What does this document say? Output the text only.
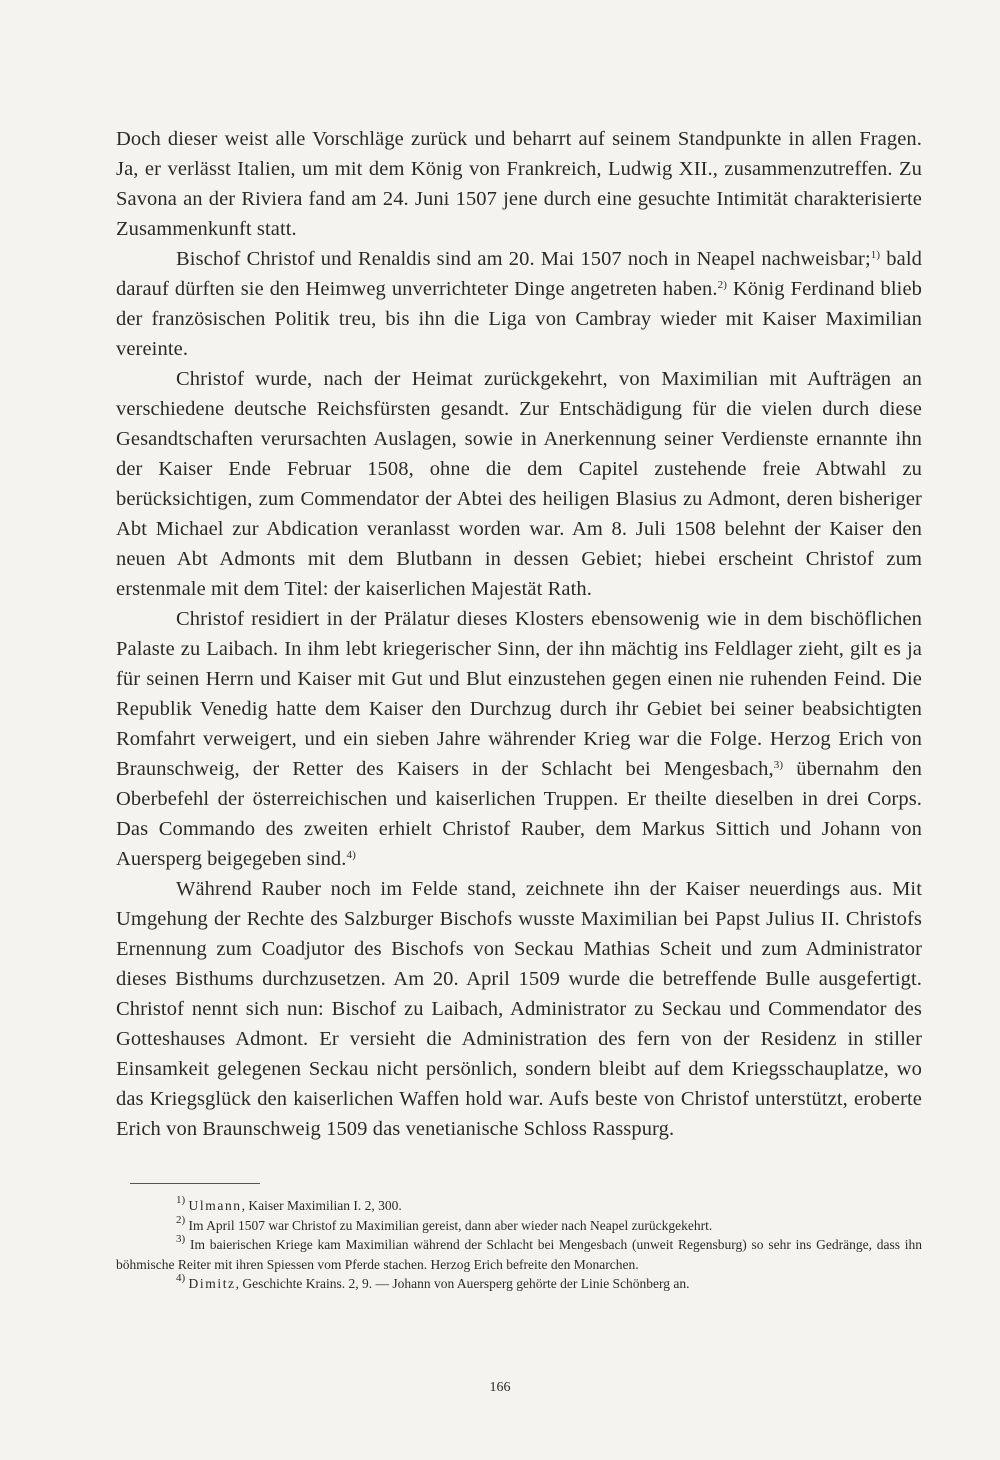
Doch dieser weist alle Vorschläge zurück und beharrt auf seinem Standpunkte in allen Fragen. Ja, er verlässt Italien, um mit dem König von Frankreich, Ludwig XII., zusammenzutreffen. Zu Savona an der Riviera fand am 24. Juni 1507 jene durch eine gesuchte Intimität charakterisierte Zusammenkunft statt.

Bischof Christof und Renaldis sind am 20. Mai 1507 noch in Neapel nachweisbar;$^{1)}$ bald darauf dürften sie den Heimweg unverrichteter Dinge angetreten haben.$^{2)}$ König Ferdinand blieb der französischen Politik treu, bis ihn die Liga von Cambray wieder mit Kaiser Maximilian vereinte.

Christof wurde, nach der Heimat zurückgekehrt, von Maximilian mit Aufträgen an verschiedene deutsche Reichsfürsten gesandt. Zur Entschädigung für die vielen durch diese Gesandtschaften verursachten Auslagen, sowie in Anerkennung seiner Verdienste ernannte ihn der Kaiser Ende Februar 1508, ohne die dem Capitel zustehende freie Abtwahl zu berücksichtigen, zum Commendator der Abtei des heiligen Blasius zu Admont, deren bisheriger Abt Michael zur Abdication veranlasst worden war. Am 8. Juli 1508 belehnt der Kaiser den neuen Abt Admonts mit dem Blutbann in dessen Gebiet; hiebei erscheint Christof zum erstenmale mit dem Titel: der kaiserlichen Majestät Rath.

Christof residiert in der Prälatur dieses Klosters ebensowenig wie in dem bischöflichen Palaste zu Laibach. In ihm lebt kriegerischer Sinn, der ihn mächtig ins Feldlager zieht, gilt es ja für seinen Herrn und Kaiser mit Gut und Blut einzustehen gegen einen nie ruhenden Feind. Die Republik Venedig hatte dem Kaiser den Durchzug durch ihr Gebiet bei seiner beabsichtigten Romfahrt verweigert, und ein sieben Jahre währender Krieg war die Folge. Herzog Erich von Braunschweig, der Retter des Kaisers in der Schlacht bei Mengesbach,$^{3)}$ übernahm den Oberbefehl der österreichischen und kaiserlichen Truppen. Er theilte dieselben in drei Corps. Das Commando des zweiten erhielt Christof Rauber, dem Markus Sittich und Johann von Auersperg beigegeben sind.$^{4)}$

Während Rauber noch im Felde stand, zeichnete ihn der Kaiser neuerdings aus. Mit Umgehung der Rechte des Salzburger Bischofs wusste Maximilian bei Papst Julius II. Christofs Ernennung zum Coadjutor des Bischofs von Seckau Mathias Scheit und zum Administrator dieses Bisthums durchzusetzen. Am 20. April 1509 wurde die betreffende Bulle ausgefertigt. Christof nennt sich nun: Bischof zu Laibach, Administrator zu Seckau und Commendator des Gotteshauses Admont. Er versieht die Administration des fern von der Residenz in stiller Einsamkeit gelegenen Seckau nicht persönlich, sondern bleibt auf dem Kriegsschauplatze, wo das Kriegsglück den kaiserlichen Waffen hold war. Aufs beste von Christof unterstützt, eroberte Erich von Braunschweig 1509 das venetianische Schloss Rasspurg.

$^{1)}$ Ulmann, Kaiser Maximilian I. 2, 300.

$^{2)}$ Im April 1507 war Christof zu Maximilian gereist, dann aber wieder nach Neapel zurückgekehrt.

$^{3)}$ Im baierischen Kriege kam Maximilian während der Schlacht bei Mengesbach (unweit Regensburg) so sehr ins Gedränge, dass ihn böhmische Reiter mit ihren Spiessen vom Pferde stachen. Herzog Erich befreite den Monarchen.

$^{4)}$ Dimitz, Geschichte Krains. 2, 9. — Johann von Auersperg gehörte der Linie Schönberg an.

166
